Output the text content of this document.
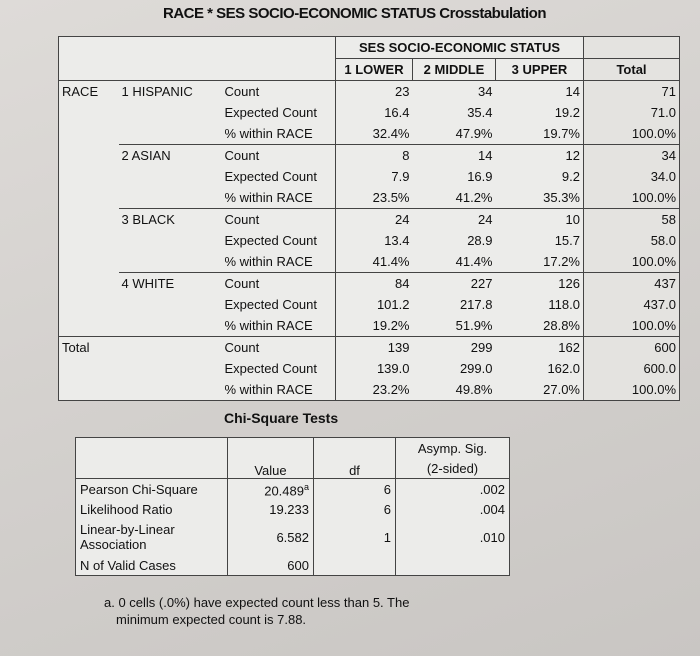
RACE * SES SOCIO-ECONOMIC STATUS Crosstabulation
			SES SOCIO-ECONOMIC STATUS			
			1 LOWER	2 MIDDLE	3 UPPER	Total
RACE	1 HISPANIC	Count	23	34	14	71
		Expected Count	16.4	35.4	19.2	71.0
		% within RACE	32.4%	47.9%	19.7%	100.0%
	2 ASIAN	Count	8	14	12	34
		Expected Count	7.9	16.9	9.2	34.0
		% within RACE	23.5%	41.2%	35.3%	100.0%
	3 BLACK	Count	24	24	10	58
		Expected Count	13.4	28.9	15.7	58.0
		% within RACE	41.4%	41.4%	17.2%	100.0%
	4 WHITE	Count	84	227	126	437
		Expected Count	101.2	217.8	118.0	437.0
		% within RACE	19.2%	51.9%	28.8%	100.0%
Total		Count	139	299	162	600
		Expected Count	139.0	299.0	162.0	600.0
		% within RACE	23.2%	49.8%	27.0%	100.0%
Chi-Square Tests
	Value	df	Asymp. Sig.
			(2-sided)
Pearson Chi-Square	20.489$^a$	6	.002
Likelihood Ratio	19.233	6	.004
Linear-by-Linear
Association	6.582	1	.010
N of Valid Cases	600		
a. 0 cells (.0%) have expected count less than 5. The
minimum expected count is 7.88.
